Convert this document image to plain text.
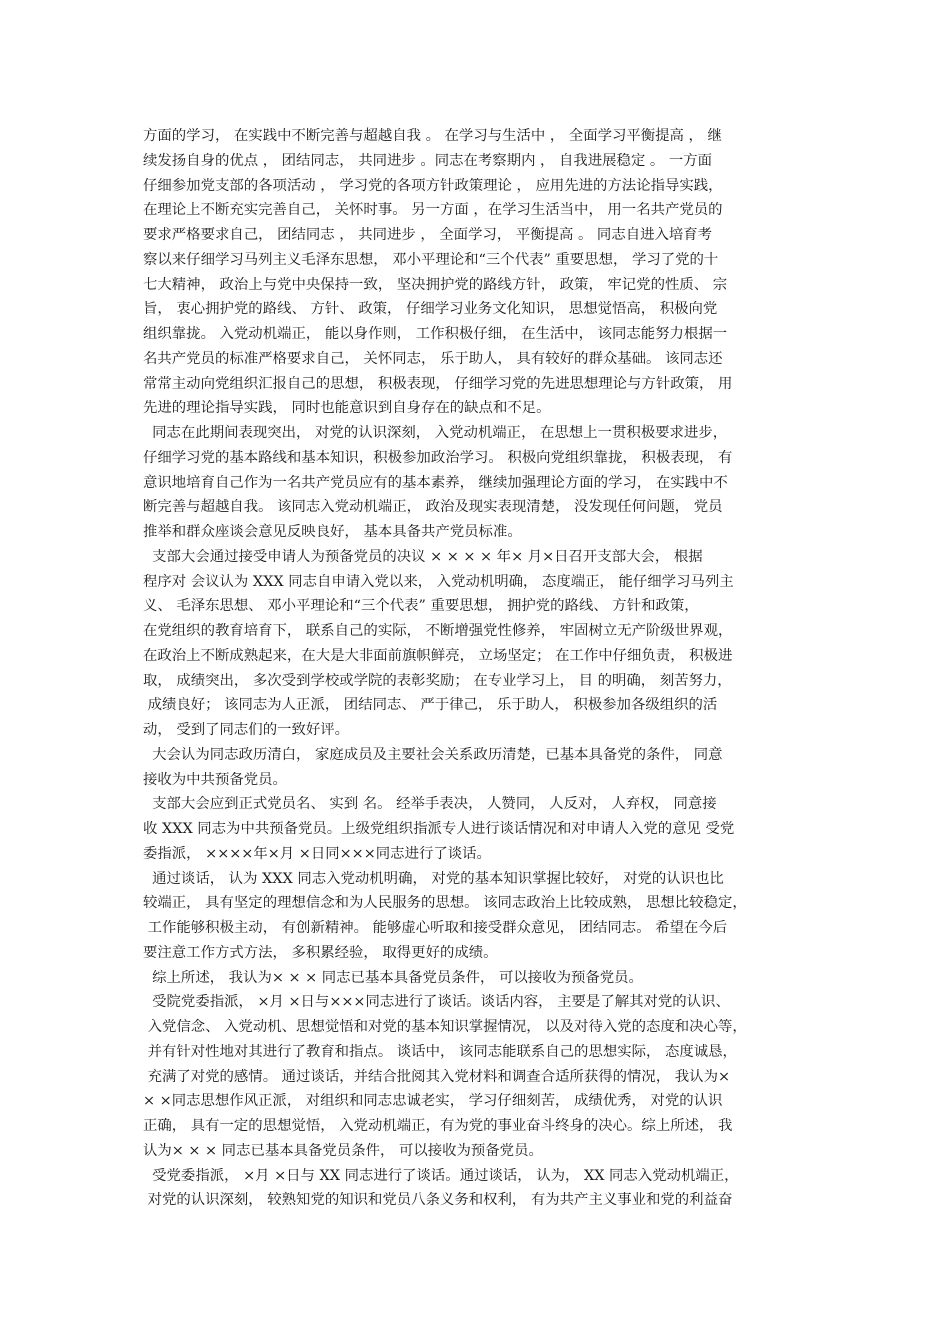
方面的学习， 在实践中不断完善与超越自我 。 在学习与生活中 ， 全面学习平衡提高 ， 继
续发扬自身的优点 ， 团结同志， 共同进步 。同志在考察期内 ， 自我进展稳定 。 一方面
仔细参加党支部的各项活动 ， 学习党的各项方针政策理论 ， 应用先进的方法论指导实践，
在理论上不断充实完善自己， 关怀时事。 另一方面 ，在学习生活当中， 用一名共产党员的
要求严格要求自己， 团结同志 ， 共同进步 ， 全面学习， 平衡提高 。 同志自进入培育考
察以来仔细学习马列主义毛泽东思想， 邓小平理论和“三个代表” 重要思想， 学习了党的十
七大精神， 政治上与党中央保持一致， 坚决拥护党的路线方针， 政策， 牢记党的性质、 宗
旨， 衷心拥护党的路线、 方针、 政策， 仔细学习业务文化知识， 思想觉悟高， 积极向党
组织靠拢。 入党动机端正， 能以身作则， 工作积极仔细， 在生活中， 该同志能努力根据一
名共产党员的标准严格要求自己， 关怀同志， 乐于助人， 具有较好的群众基础。 该同志还
常常主动向党组织汇报自己的思想， 积极表现， 仔细学习党的先进思想理论与方针政策， 用
先进的理论指导实践， 同时也能意识到自身存在的缺点和不足。
同志在此期间表现突出， 对党的认识深刻， 入党动机端正， 在思想上一贯积极要求进步，
仔细学习党的基本路线和基本知识，积极参加政治学习。 积极向党组织靠拢， 积极表现， 有
意识地培育自己作为一名共产党员应有的基本素养， 继续加强理论方面的学习， 在实践中不
断完善与超越自我。 该同志入党动机端正， 政治及现实表现清楚， 没发现任何问题， 党员
推举和群众座谈会意见反映良好， 基本具备共产党员标准。
支部大会通过接受申请人为预备党员的决议 × × × × 年× 月×日召开支部大会， 根据
程序对 会议认为 XXX 同志自申请入党以来， 入党动机明确， 态度端正， 能仔细学习马列主
义、 毛泽东思想、 邓小平理论和“三个代表” 重要思想， 拥护党的路线、 方针和政策，
在党组织的教育培育下， 联系自己的实际， 不断增强党性修养， 牢固树立无产阶级世界观，
在政治上不断成熟起来，在大是大非面前旗帜鲜亮， 立场坚定； 在工作中仔细负责， 积极进
取， 成绩突出， 多次受到学校或学院的表彰奖励； 在专业学习上， 目 的明确， 刻苦努力，
成绩良好； 该同志为人正派， 团结同志、 严于律己， 乐于助人， 积极参加各级组织的活
动， 受到了同志们的一致好评。
大会认为同志政历清白， 家庭成员及主要社会关系政历清楚，已基本具备党的条件， 同意
接收为中共预备党员。
支部大会应到正式党员名、 实到 名。 经举手表决， 人赞同， 人反对， 人弃权， 同意接
收 XXX 同志为中共预备党员。上级党组织指派专人进行谈话情况和对申请人入党的意见 受党
委指派， ××××年×月 ×日同×××同志进行了谈话。
通过谈话， 认为 XXX 同志入党动机明确， 对党的基本知识掌握比较好， 对党的认识也比
较端正， 具有坚定的理想信念和为人民服务的思想。 该同志政治上比较成熟， 思想比较稳定，
工作能够积极主动， 有创新精神。 能够虚心听取和接受群众意见， 团结同志。 希望在今后
要注意工作方式方法， 多积累经验， 取得更好的成绩。
综上所述， 我认为× × × 同志已基本具备党员条件， 可以接收为预备党员。
受院党委指派， ×月 ×日与×××同志进行了谈话。谈话内容， 主要是了解其对党的认识、
入党信念、 入党动机、思想觉悟和对党的基本知识掌握情况， 以及对待入党的态度和决心等，
并有针对性地对其进行了教育和指点。 谈话中， 该同志能联系自己的思想实际， 态度诚恳，
充满了对党的感情。 通过谈话，并结合批阅其入党材料和调查合适所获得的情况， 我认为×
× ×同志思想作风正派， 对组织和同志忠诚老实， 学习仔细刻苦， 成绩优秀， 对党的认识
正确， 具有一定的思想觉悟， 入党动机端正，有为党的事业奋斗终身的决心。综上所述， 我
认为× × × 同志已基本具备党员条件， 可以接收为预备党员。
受党委指派， ×月 ×日与 XX 同志进行了谈话。通过谈话， 认为， XX 同志入党动机端正，
对党的认识深刻， 较熟知党的知识和党员八条义务和权利， 有为共产主义事业和党的利益奋
